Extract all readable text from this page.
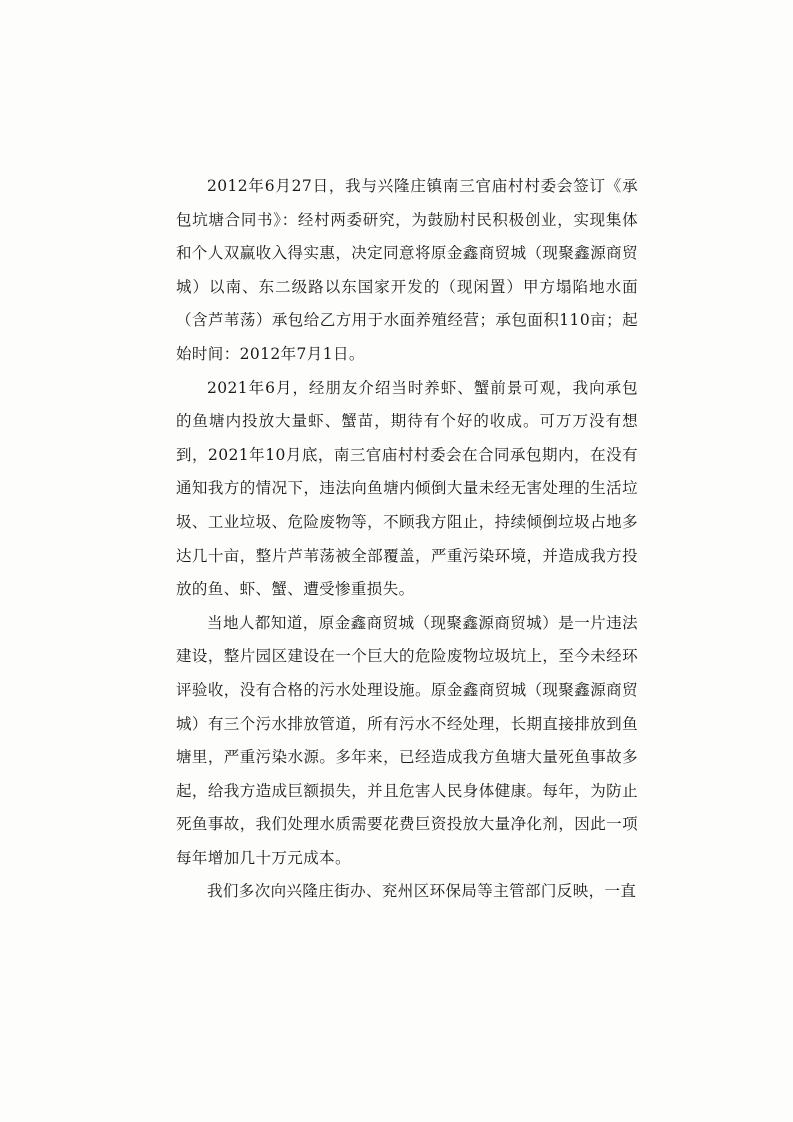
2012年6月27日，我与兴隆庄镇南三官庙村村委会签订《承包坑塘合同书》：经村两委研究，为鼓励村民积极创业，实现集体和个人双赢收入得实惠，决定同意将原金鑫商贸城（现聚鑫源商贸城）以南、东二级路以东国家开发的（现闲置）甲方塌陷地水面（含芦苇荡）承包给乙方用于水面养殖经营；承包面积110亩；起始时间：2012年7月1日。

2021年6月，经朋友介绍当时养虾、蟹前景可观，我向承包的鱼塘内投放大量虾、蟹苗，期待有个好的收成。可万万没有想到，2021年10月底，南三官庙村村委会在合同承包期内，在没有通知我方的情况下，违法向鱼塘内倾倒大量未经无害处理的生活垃圾、工业垃圾、危险废物等，不顾我方阻止，持续倾倒垃圾占地多达几十亩，整片芦苇荡被全部覆盖，严重污染环境，并造成我方投放的鱼、虾、蟹、遭受惨重损失。

当地人都知道，原金鑫商贸城（现聚鑫源商贸城）是一片违法建设，整片园区建设在一个巨大的危险废物垃圾坑上，至今未经环评验收，没有合格的污水处理设施。原金鑫商贸城（现聚鑫源商贸城）有三个污水排放管道，所有污水不经处理，长期直接排放到鱼塘里，严重污染水源。多年来，已经造成我方鱼塘大量死鱼事故多起，给我方造成巨额损失，并且危害人民身体健康。每年，为防止死鱼事故，我们处理水质需要花费巨资投放大量净化剂，因此一项每年增加几十万元成本。

我们多次向兴隆庄街办、兖州区环保局等主管部门反映，一直
